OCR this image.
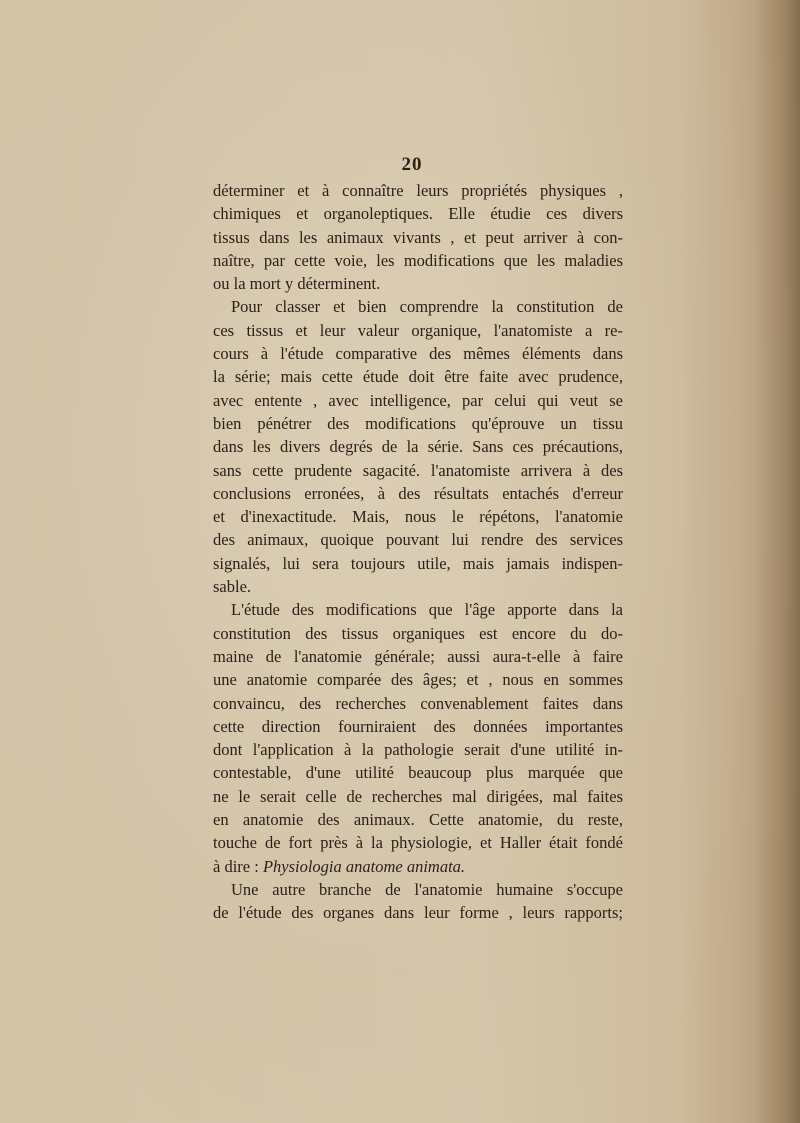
20
déterminer et à connaître leurs propriétés physiques ,
chimiques et organoleptiques. Elle étudie ces divers
tissus dans les animaux vivants , et peut arriver à con-
naître, par cette voie, les modifications que les maladies
ou la mort y déterminent.
Pour classer et bien comprendre la constitution de
ces tissus et leur valeur organique, l'anatomiste a re-
cours à l'étude comparative des mêmes éléments dans
la série; mais cette étude doit être faite avec prudence,
avec entente , avec intelligence, par celui qui veut se
bien pénétrer des modifications qu'éprouve un tissu
dans les divers degrés de la série. Sans ces précautions,
sans cette prudente sagacité. l'anatomiste arrivera à des
conclusions erronées, à des résultats entachés d'erreur
et d'inexactitude. Mais, nous le répétons, l'anatomie
des animaux, quoique pouvant lui rendre des services
signalés, lui sera toujours utile, mais jamais indispen-
sable.
L'étude des modifications que l'âge apporte dans la
constitution des tissus organiques est encore du do-
maine de l'anatomie générale; aussi aura-t-elle à faire
une anatomie comparée des âges; et , nous en sommes
convaincu, des recherches convenablement faites dans
cette direction fourniraient des données importantes
dont l'application à la pathologie serait d'une utilité in-
contestable, d'une utilité beaucoup plus marquée que
ne le serait celle de recherches mal dirigées, mal faites
en anatomie des animaux. Cette anatomie, du reste,
touche de fort près à la physiologie, et Haller était fondé
à dire : Physiologia anatome animata.
Une autre branche de l'anatomie humaine s'occupe
de l'étude des organes dans leur forme , leurs rapports;
